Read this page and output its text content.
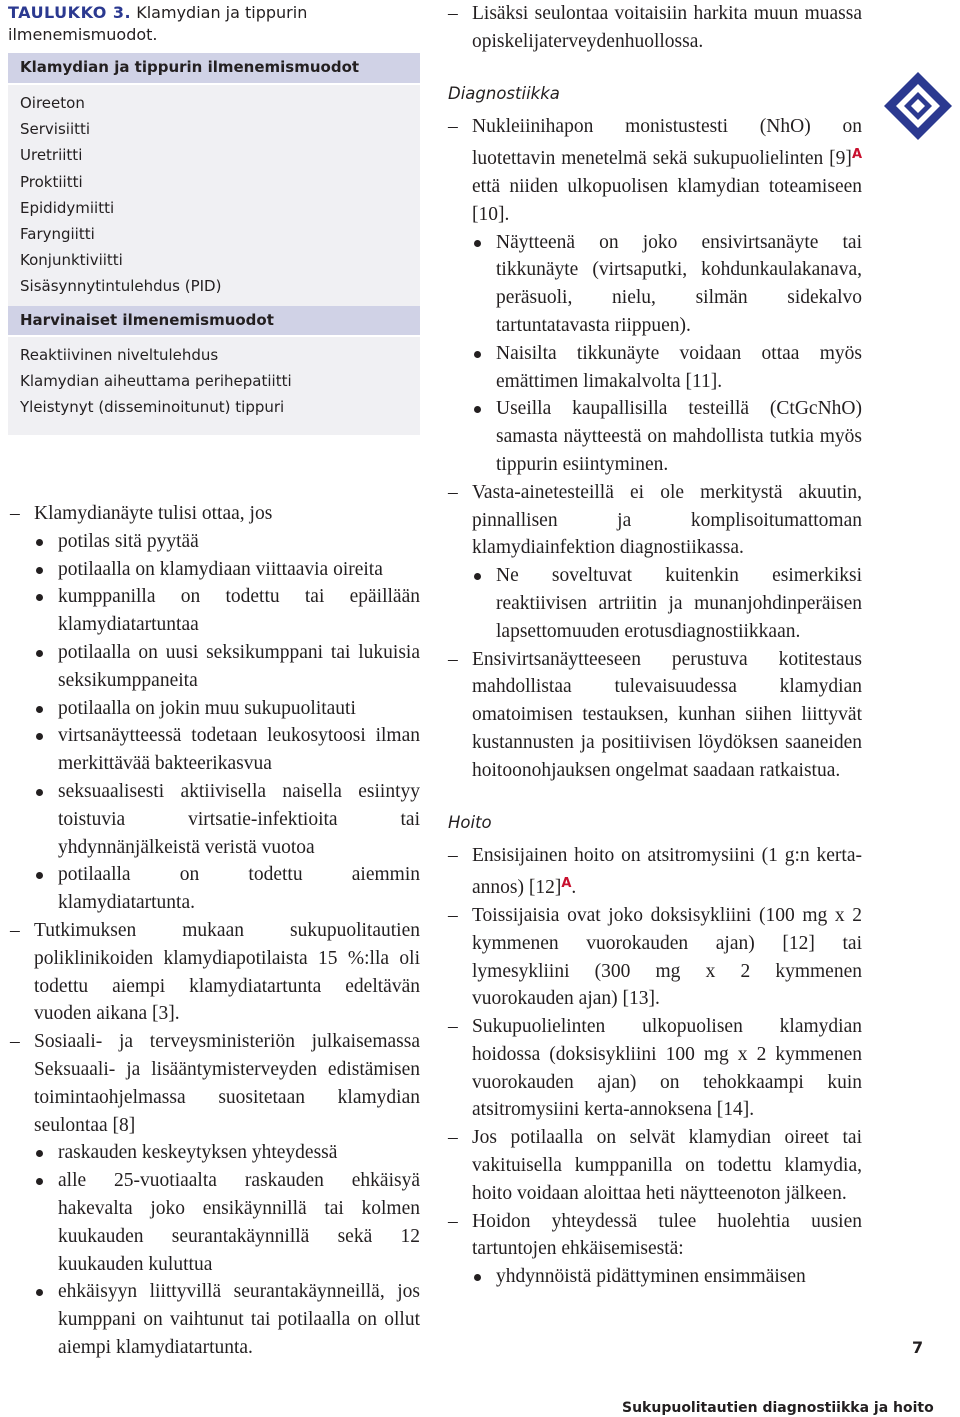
TAULUKKO 3. Klamydian ja tippurin ilmenemismuodot.
Klamydian ja tippurin ilmenemismuodot
Oireeton
Servisiitti
Uretriitti
Proktiitti
Epididymiitti
Faryngiitti
Konjunktiviitti
Sisäsynnytintulehdus (PID)
Harvinaiset ilmenemismuodot
Reaktiivinen niveltulehdus
Klamydian aiheuttama perihepatiitti
Yleistynyt (disseminoitunut) tippuri
– Klamydianäyte tulisi ottaa, jos
potilas sitä pyytää
potilaalla on klamydiaan viittaavia oireita
kumppanilla on todettu tai epäillään klamydiatartuntaa
potilaalla on uusi seksikumppani tai lukuisia seksikumppaneita
potilaalla on jokin muu sukupuolitauti
virtsanäytteessä todetaan leukosytoosi ilman merkittävää bakteerikasvua
seksuaalisesti aktiivisella naisella esiintyy toistuvia virtsatie-infektioita tai yhdynnänjälkeistä veristä vuotoa
potilaalla on todettu aiemmin klamydiatartunta.
– Tutkimuksen mukaan sukupuolitautien poliklinikoiden klamydiapotilaista 15 %:lla oli todettu aiempi klamydiatartunta edeltävän vuoden aikana [3].
– Sosiaali- ja terveysministeriön julkaisemassa Seksuaali- ja lisääntymisterveyden edistämisen toimintaohjelmassa suositetaan klamydian seulontaa [8]
raskauden keskeytyksen yhteydessä
alle 25-vuotiaalta raskauden ehkäisyä hakevalta joko ensikäynnillä tai kolmen kuukauden seurantakäynnillä sekä 12 kuukauden kuluttua
ehkäisyyn liittyvillä seurantakäynneillä, jos kumppani on vaihtunut tai potilaalla on ollut aiempi klamydiatartunta.
– Lisäksi seulontaa voitaisiin harkita muun muassa opiskelijaterveydenhuollossa.
Diagnostiikka
– Nukleiinihapon monistustesti (NhO) on luotettavin menetelmä sekä sukupuolielinten [9]$^A$ että niiden ulkopuolisen klamydian toteamiseen [10].
Näytteenä on joko ensivirtsanäyte tai tikkunäyte (virtsaputki, kohdunkaulakanava, peräsuoli, nielu, silmän sidekalvo tartuntatavasta riippuen).
Naisilta tikkunäyte voidaan ottaa myös emättimen limakalvolta [11].
Useilla kaupallisilla testeillä (CtGcNhO) samasta näytteestä on mahdollista tutkia myös tippurin esiintyminen.
– Vasta-ainetesteillä ei ole merkitystä akuutin, pinnallisen ja komplisoitumattoman klamydiainfektion diagnostiikassa.
Ne soveltuvat kuitenkin esimerkiksi reaktiivisen artriitin ja munanjohdinperäisen lapsettomuuden erotusdiagnostiikkaan.
– Ensivirtsanäytteeseen perustuva kotitestaus mahdollistaa tulevaisuudessa klamydian omatoimisen testauksen, kunhan siihen liittyvät kustannusten ja positiivisen löydöksen saaneiden hoitoonohjauksen ongelmat saadaan ratkaistua.
Hoito
– Ensisijainen hoito on atsitromysiini (1 g:n kerta-annos) [12]$^A$.
– Toissijaisia ovat joko doksisykliini (100 mg x 2 kymmenen vuorokauden ajan) [12] tai lymesykliini (300 mg x 2 kymmenen vuorokauden ajan) [13].
– Sukupuolielinten ulkopuolisen klamydian hoidossa (doksisykliini 100 mg x 2 kymmenen vuorokauden ajan) on tehokkaampi kuin atsitromysiini kerta-annoksena [14].
– Jos potilaalla on selvät klamydian oireet tai vakituisella kumppanilla on todettu klamydia, hoito voidaan aloittaa heti näytteenoton jälkeen.
– Hoidon yhteydessä tulee huolehtia uusien tartuntojen ehkäisemisestä:
yhdynnöistä pidättyminen ensimmäisen
7
Sukupuolitautien diagnostiikka ja hoito
